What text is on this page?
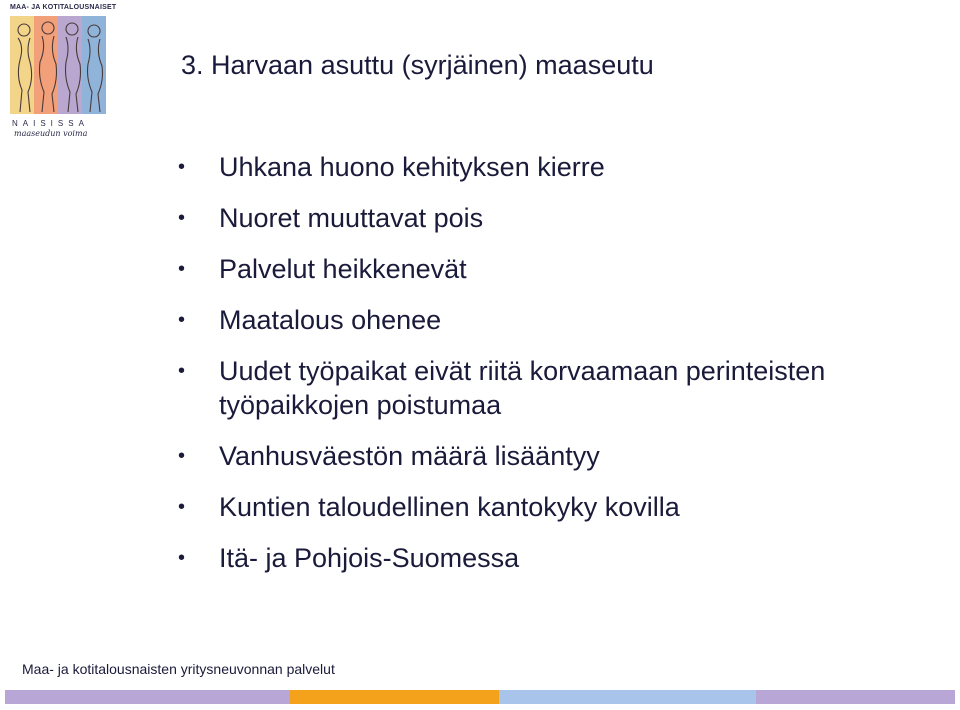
MAA- JA KOTITALOUSNAISET
NAISISSA
maaseudun voima
3. Harvaan asuttu (syrjäinen) maaseutu
• Uhkana huono kehityksen kierre
• Nuoret muuttavat pois
• Palvelut heikkenevät
• Maatalous ohenee
• Uudet työpaikat eivät riitä korvaamaan perinteisten työpaikkojen poistumaa
• Vanhusväestön määrä lisääntyy
• Kuntien taloudellinen kantokyky kovilla
• Itä- ja Pohjois-Suomessa
Maa- ja kotitalousnaisten yritysneuvonnan palvelut
